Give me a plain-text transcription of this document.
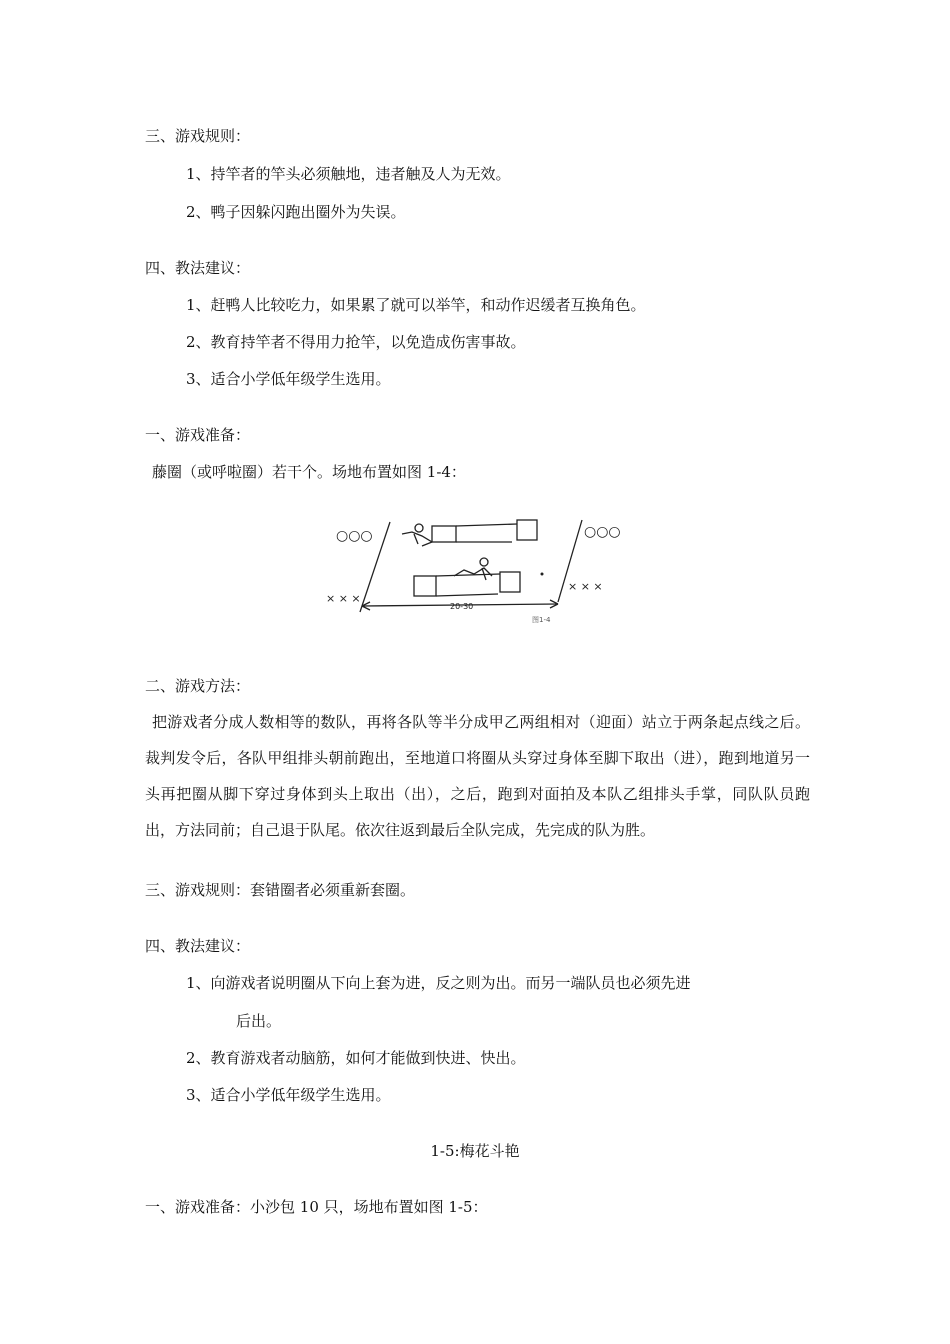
三、游戏规则：
1、持竿者的竿头必须触地，违者触及人为无效。
2、鸭子因躲闪跑出圈外为失误。
四、教法建议：
1、赶鸭人比较吃力，如果累了就可以举竿，和动作迟缓者互换角色。
2、教育持竿者不得用力抢竿，以免造成伤害事故。
3、适合小学低年级学生选用。
一、游戏准备：
藤圈（或呼啦圈）若干个。场地布置如图 1-4：
○○○	○○○
× × ×
× × ×
20-30
图1-4
二、游戏方法：
把游戏者分成人数相等的数队，再将各队等半分成甲乙两组相对（迎面）站立于两条起点线之后。裁判发令后，各队甲组排头朝前跑出，至地道口将圈从头穿过身体至脚下取出（进），跑到地道另一头再把圈从脚下穿过身体到头上取出（出），之后，跑到对面拍及本队乙组排头手掌，同队队员跑出，方法同前；自己退于队尾。依次往返到最后全队完成，先完成的队为胜。
三、游戏规则：套错圈者必须重新套圈。
四、教法建议：
1、向游戏者说明圈从下向上套为进，反之则为出。而另一端队员也必须先进
后出。
2、教育游戏者动脑筋，如何才能做到快进、快出。
3、适合小学低年级学生选用。
1-5:梅花斗艳
一、游戏准备：小沙包 10 只，场地布置如图 1-5：
